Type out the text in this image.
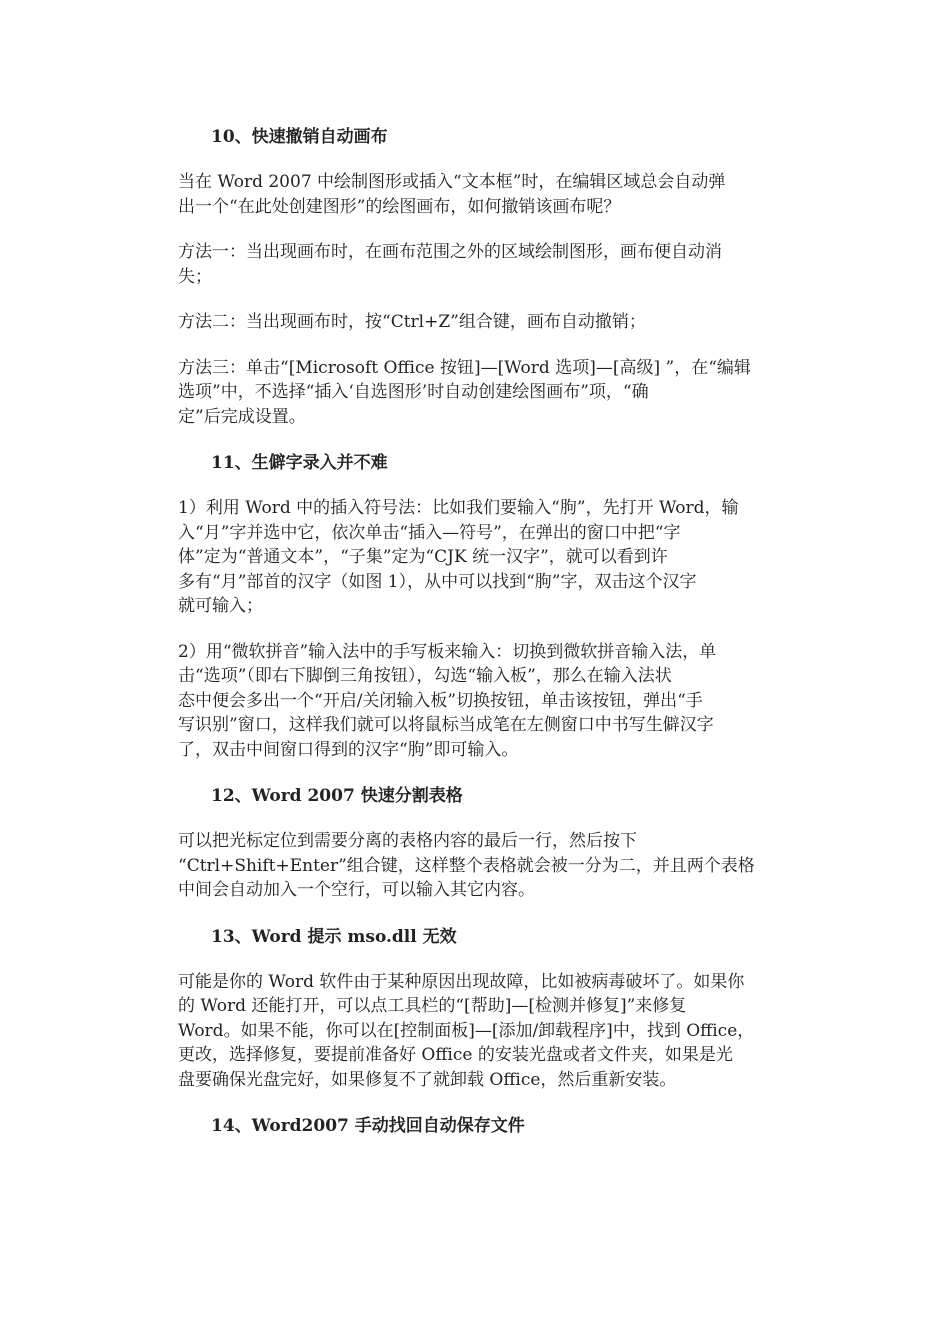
10、快速撤销自动画布
当在 Word 2007 中绘制图形或插入“文本框”时，在编辑区域总会自动弹
出一个“在此处创建图形”的绘图画布，如何撤销该画布呢？
方法一：当出现画布时，在画布范围之外的区域绘制图形，画布便自动消
失；
方法二：当出现画布时，按“Ctrl+Z”组合键，画布自动撤销；
方法三：单击“[Microsoft Office 按钮]—[Word 选项]—[高级] ”，在“编辑
选项”中，不选择“插入‘自选图形’时自动创建绘图画布”项，“确
定”后完成设置。
11、生僻字录入并不难
1）利用 Word 中的插入符号法：比如我们要输入“朐”，先打开 Word，输
入“月”字并选中它，依次单击“插入—符号”，在弹出的窗口中把“字
体”定为“普通文本”，“子集”定为“CJK 统一汉字”，就可以看到许
多有“月”部首的汉字（如图 1），从中可以找到“朐”字，双击这个汉字
就可输入；
2）用“微软拼音”输入法中的手写板来输入：切换到微软拼音输入法，单
击“选项”（即右下脚倒三角按钮），勾选“输入板”，那么在输入法状
态中便会多出一个“开启/关闭输入板”切换按钮，单击该按钮，弹出“手
写识别”窗口，这样我们就可以将鼠标当成笔在左侧窗口中书写生僻汉字
了，双击中间窗口得到的汉字“朐”即可输入。
12、Word 2007 快速分割表格
可以把光标定位到需要分离的表格内容的最后一行，然后按下
“Ctrl+Shift+Enter”组合键，这样整个表格就会被一分为二，并且两个表格
中间会自动加入一个空行，可以输入其它内容。
13、Word 提示 mso.dll 无效
可能是你的 Word 软件由于某种原因出现故障，比如被病毒破坏了。如果你
的 Word 还能打开，可以点工具栏的“[帮助]—[检测并修复]”来修复
Word。如果不能，你可以在[控制面板]—[添加/卸载程序]中，找到 Office，
更改，选择修复，要提前准备好 Office 的安装光盘或者文件夹，如果是光
盘要确保光盘完好，如果修复不了就卸载 Office，然后重新安装。
14、Word2007 手动找回自动保存文件
